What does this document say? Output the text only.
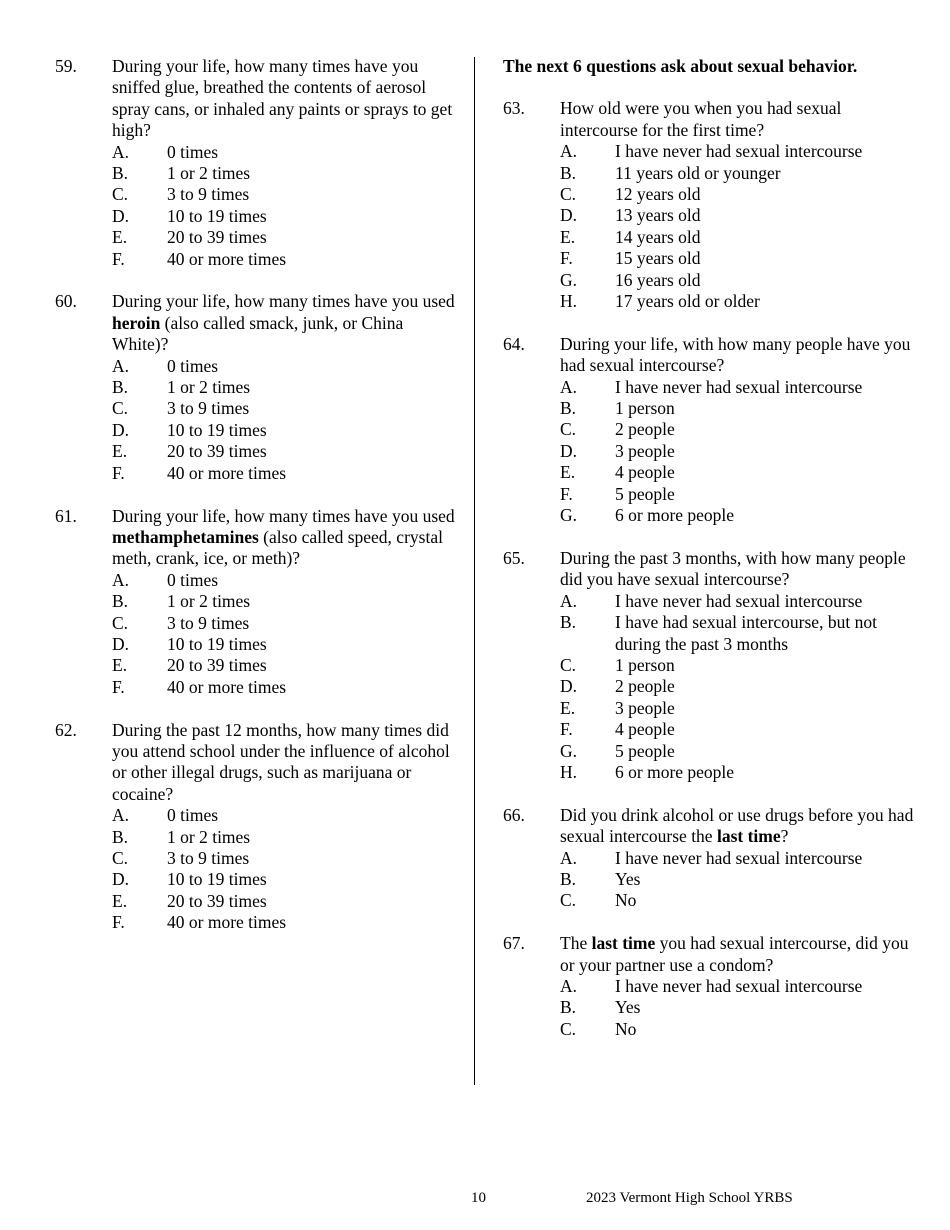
59.	During your life, how many times have you sniffed glue, breathed the contents of aerosol spray cans, or inhaled any paints or sprays to get high?
A.	0 times
B.	1 or 2 times
C.	3 to 9 times
D.	10 to 19 times
E.	20 to 39 times
F.	40 or more times
60.	During your life, how many times have you used heroin (also called smack, junk, or China White)?
A.	0 times
B.	1 or 2 times
C.	3 to 9 times
D.	10 to 19 times
E.	20 to 39 times
F.	40 or more times
61.	During your life, how many times have you used methamphetamines (also called speed, crystal meth, crank, ice, or meth)?
A.	0 times
B.	1 or 2 times
C.	3 to 9 times
D.	10 to 19 times
E.	20 to 39 times
F.	40 or more times
62.	During the past 12 months, how many times did you attend school under the influence of alcohol or other illegal drugs, such as marijuana or cocaine?
A.	0 times
B.	1 or 2 times
C.	3 to 9 times
D.	10 to 19 times
E.	20 to 39 times
F.	40 or more times
The next 6 questions ask about sexual behavior.
63.	How old were you when you had sexual intercourse for the first time?
A.	I have never had sexual intercourse
B.	11 years old or younger
C.	12 years old
D.	13 years old
E.	14 years old
F.	15 years old
G.	16 years old
H.	17 years old or older
64.	During your life, with how many people have you had sexual intercourse?
A.	I have never had sexual intercourse
B.	1 person
C.	2 people
D.	3 people
E.	4 people
F.	5 people
G.	6 or more people
65.	During the past 3 months, with how many people did you have sexual intercourse?
A.	I have never had sexual intercourse
B.	I have had sexual intercourse, but not during the past 3 months
C.	1 person
D.	2 people
E.	3 people
F.	4 people
G.	5 people
H.	6 or more people
66.	Did you drink alcohol or use drugs before you had sexual intercourse the last time?
A.	I have never had sexual intercourse
B.	Yes
C.	No
67.	The last time you had sexual intercourse, did you or your partner use a condom?
A.	I have never had sexual intercourse
B.	Yes
C.	No
10	2023 Vermont High School YRBS
